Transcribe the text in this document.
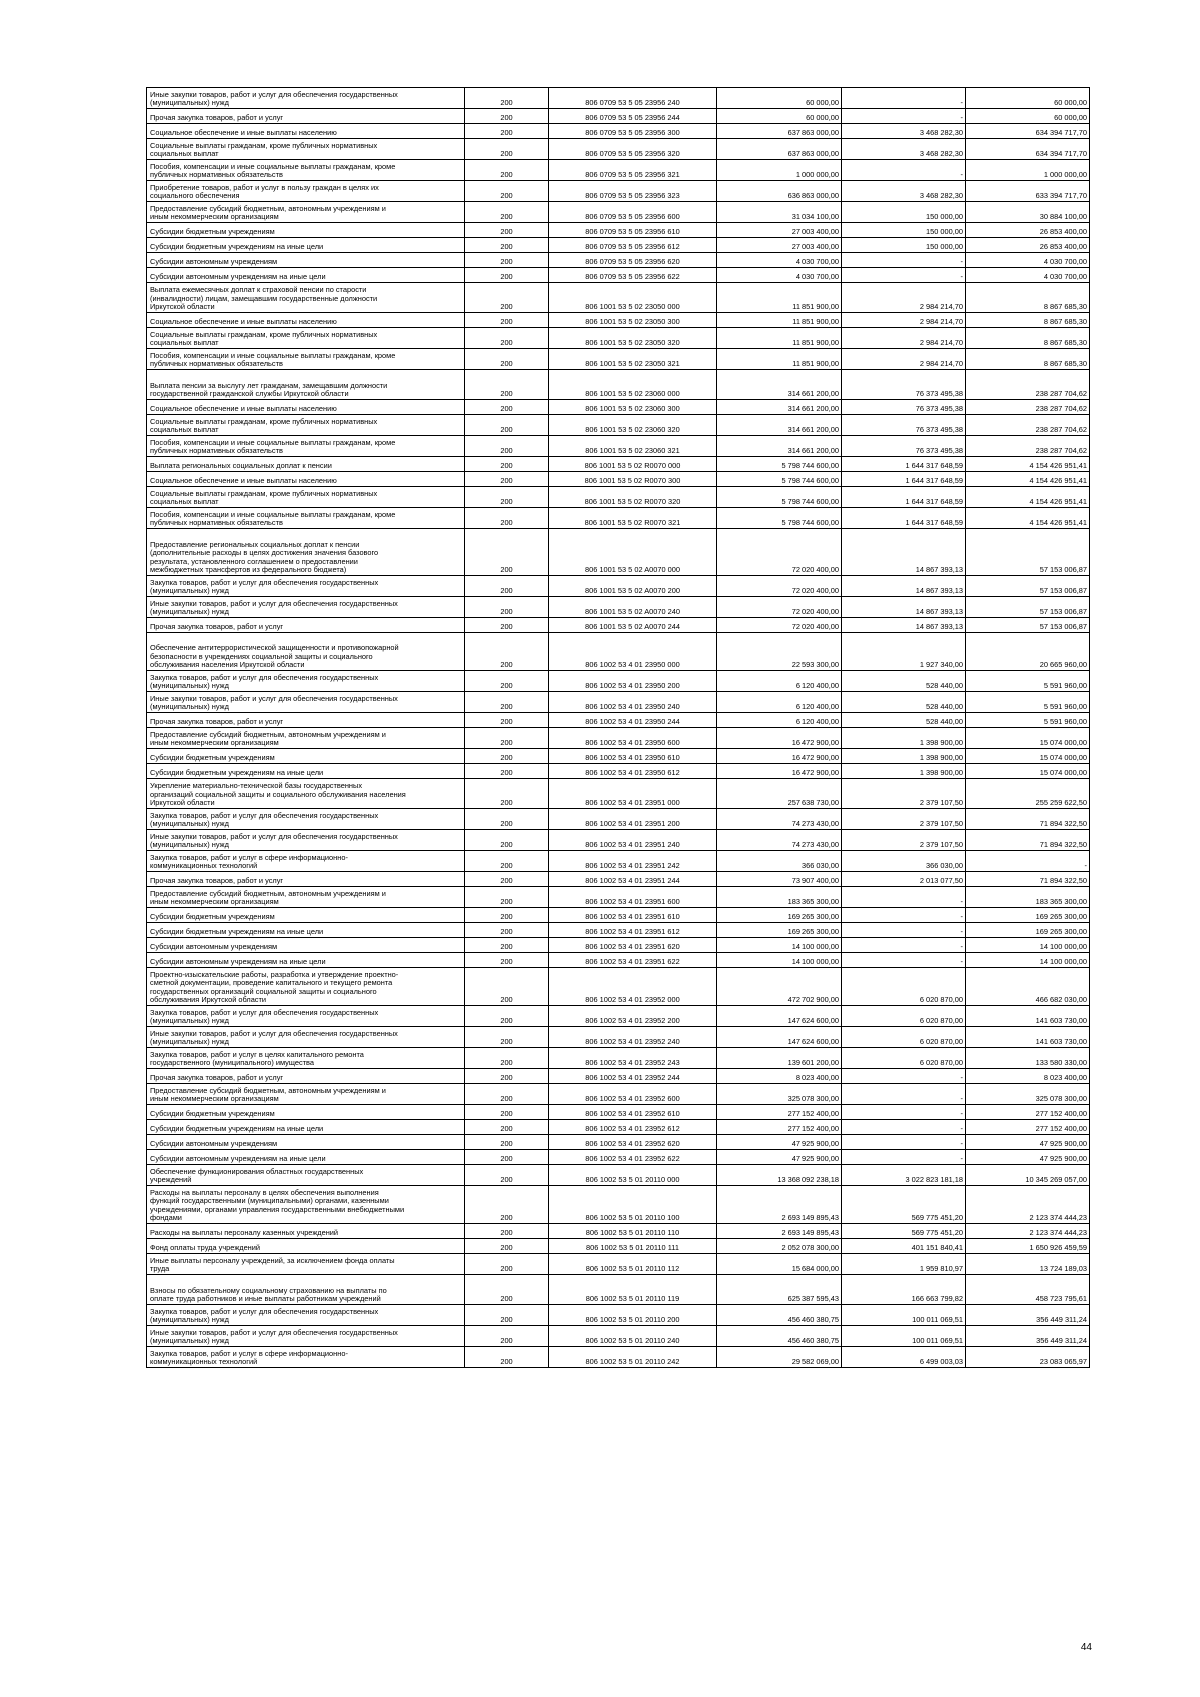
Иные закупки товаров, работ и услуг для обеспечения государственных
(муниципальных) нужд	200	806 0709 53 5 05 23956 240	60 000,00	-	60 000,00

Прочая закупка товаров, работ и услуг	200	806 0709 53 5 05 23956 244	60 000,00	-	60 000,00

Социальное обеспечение и иные выплаты населению	200	806 0709 53 5 05 23956 300	637 863 000,00	3 468 282,30	634 394 717,70

Социальные выплаты гражданам, кроме публичных нормативных
социальных выплат	200	806 0709 53 5 05 23956 320	637 863 000,00	3 468 282,30	634 394 717,70

Пособия, компенсации и иные социальные выплаты гражданам, кроме
публичных нормативных обязательств	200	806 0709 53 5 05 23956 321	1 000 000,00	-	1 000 000,00

Приобретение товаров, работ и услуг в пользу граждан в целях их
социального обеспечения	200	806 0709 53 5 05 23956 323	636 863 000,00	3 468 282,30	633 394 717,70

Предоставление субсидий бюджетным, автономным учреждениям и
иным некоммерческим организациям	200	806 0709 53 5 05 23956 600	31 034 100,00	150 000,00	30 884 100,00

Субсидии бюджетным учреждениям	200	806 0709 53 5 05 23956 610	27 003 400,00	150 000,00	26 853 400,00

Субсидии бюджетным учреждениям на иные цели	200	806 0709 53 5 05 23956 612	27 003 400,00	150 000,00	26 853 400,00

Субсидии автономным учреждениям	200	806 0709 53 5 05 23956 620	4 030 700,00	-	4 030 700,00

Субсидии автономным учреждениям на иные цели	200	806 0709 53 5 05 23956 622	4 030 700,00	-	4 030 700,00

Выплата ежемесячных доплат к страховой пенсии по старости
(инвалидности) лицам, замещавшим государственные должности
Иркутской области	200	806 1001 53 5 02 23050 000	11 851 900,00	2 984 214,70	8 867 685,30

Социальное обеспечение и иные выплаты населению	200	806 1001 53 5 02 23050 300	11 851 900,00	2 984 214,70	8 867 685,30

Социальные выплаты гражданам, кроме публичных нормативных
социальных выплат	200	806 1001 53 5 02 23050 320	11 851 900,00	2 984 214,70	8 867 685,30

Пособия, компенсации и иные социальные выплаты гражданам, кроме
публичных нормативных обязательств	200	806 1001 53 5 02 23050 321	11 851 900,00	2 984 214,70	8 867 685,30

Выплата пенсии за выслугу лет гражданам, замещавшим должности
государственной гражданской службы Иркутской области	200	806 1001 53 5 02 23060 000	314 661 200,00	76 373 495,38	238 287 704,62

Социальное обеспечение и иные выплаты населению	200	806 1001 53 5 02 23060 300	314 661 200,00	76 373 495,38	238 287 704,62

Социальные выплаты гражданам, кроме публичных нормативных
социальных выплат	200	806 1001 53 5 02 23060 320	314 661 200,00	76 373 495,38	238 287 704,62

Пособия, компенсации и иные социальные выплаты гражданам, кроме
публичных нормативных обязательств	200	806 1001 53 5 02 23060 321	314 661 200,00	76 373 495,38	238 287 704,62

Выплата региональных социальных доплат к пенсии	200	806 1001 53 5 02 R0070 000	5 798 744 600,00	1 644 317 648,59	4 154 426 951,41

Социальное обеспечение и иные выплаты населению	200	806 1001 53 5 02 R0070 300	5 798 744 600,00	1 644 317 648,59	4 154 426 951,41

Социальные выплаты гражданам, кроме публичных нормативных
социальных выплат	200	806 1001 53 5 02 R0070 320	5 798 744 600,00	1 644 317 648,59	4 154 426 951,41

Пособия, компенсации и иные социальные выплаты гражданам, кроме
публичных нормативных обязательств	200	806 1001 53 5 02 R0070 321	5 798 744 600,00	1 644 317 648,59	4 154 426 951,41

Предоставление региональных социальных доплат к пенсии
(дополнительные расходы в целях достижения значения базового
результата, установленного соглашением о предоставлении
межбюджетных трансфертов из федерального бюджета)	200	806 1001 53 5 02 A0070 000	72 020 400,00	14 867 393,13	57 153 006,87

Закупка товаров, работ и услуг для обеспечения государственных
(муниципальных) нужд	200	806 1001 53 5 02 A0070 200	72 020 400,00	14 867 393,13	57 153 006,87

Иные закупки товаров, работ и услуг для обеспечения государственных
(муниципальных) нужд	200	806 1001 53 5 02 A0070 240	72 020 400,00	14 867 393,13	57 153 006,87

Прочая закупка товаров, работ и услуг	200	806 1001 53 5 02 A0070 244	72 020 400,00	14 867 393,13	57 153 006,87

Обеспечение антитеррористической защищенности и противопожарной
безопасности в учреждениях социальной защиты и социального
обслуживания населения Иркутской области	200	806 1002 53 4 01 23950 000	22 593 300,00	1 927 340,00	20 665 960,00

Закупка товаров, работ и услуг для обеспечения государственных
(муниципальных) нужд	200	806 1002 53 4 01 23950 200	6 120 400,00	528 440,00	5 591 960,00

Иные закупки товаров, работ и услуг для обеспечения государственных
(муниципальных) нужд	200	806 1002 53 4 01 23950 240	6 120 400,00	528 440,00	5 591 960,00

Прочая закупка товаров, работ и услуг	200	806 1002 53 4 01 23950 244	6 120 400,00	528 440,00	5 591 960,00

Предоставление субсидий бюджетным, автономным учреждениям и
иным некоммерческим организациям	200	806 1002 53 4 01 23950 600	16 472 900,00	1 398 900,00	15 074 000,00

Субсидии бюджетным учреждениям	200	806 1002 53 4 01 23950 610	16 472 900,00	1 398 900,00	15 074 000,00

Субсидии бюджетным учреждениям на иные цели	200	806 1002 53 4 01 23950 612	16 472 900,00	1 398 900,00	15 074 000,00

Укрепление материально-технической базы государственных
организаций социальной защиты и социального обслуживания населения
Иркутской области	200	806 1002 53 4 01 23951 000	257 638 730,00	2 379 107,50	255 259 622,50

Закупка товаров, работ и услуг для обеспечения государственных
(муниципальных) нужд	200	806 1002 53 4 01 23951 200	74 273 430,00	2 379 107,50	71 894 322,50

Иные закупки товаров, работ и услуг для обеспечения государственных
(муниципальных) нужд	200	806 1002 53 4 01 23951 240	74 273 430,00	2 379 107,50	71 894 322,50

Закупка товаров, работ и услуг в сфере информационно-
коммуникационных технологий	200	806 1002 53 4 01 23951 242	366 030,00	366 030,00	-

Прочая закупка товаров, работ и услуг	200	806 1002 53 4 01 23951 244	73 907 400,00	2 013 077,50	71 894 322,50

Предоставление субсидий бюджетным, автономным учреждениям и
иным некоммерческим организациям	200	806 1002 53 4 01 23951 600	183 365 300,00	-	183 365 300,00

Субсидии бюджетным учреждениям	200	806 1002 53 4 01 23951 610	169 265 300,00	-	169 265 300,00

Субсидии бюджетным учреждениям на иные цели	200	806 1002 53 4 01 23951 612	169 265 300,00	-	169 265 300,00

Субсидии автономным учреждениям	200	806 1002 53 4 01 23951 620	14 100 000,00	-	14 100 000,00

Субсидии автономным учреждениям на иные цели	200	806 1002 53 4 01 23951 622	14 100 000,00	-	14 100 000,00

Проектно-изыскательские работы, разработка и утверждение проектно-
сметной документации, проведение капитального и текущего ремонта
государственных организаций социальной защиты и социального
обслуживания Иркутской области	200	806 1002 53 4 01 23952 000	472 702 900,00	6 020 870,00	466 682 030,00

Закупка товаров, работ и услуг для обеспечения государственных
(муниципальных) нужд	200	806 1002 53 4 01 23952 200	147 624 600,00	6 020 870,00	141 603 730,00

Иные закупки товаров, работ и услуг для обеспечения государственных
(муниципальных) нужд	200	806 1002 53 4 01 23952 240	147 624 600,00	6 020 870,00	141 603 730,00

Закупка товаров, работ и услуг в целях капитального ремонта
государственного (муниципального) имущества	200	806 1002 53 4 01 23952 243	139 601 200,00	6 020 870,00	133 580 330,00

Прочая закупка товаров, работ и услуг	200	806 1002 53 4 01 23952 244	8 023 400,00	-	8 023 400,00

Предоставление субсидий бюджетным, автономным учреждениям и
иным некоммерческим организациям	200	806 1002 53 4 01 23952 600	325 078 300,00	-	325 078 300,00

Субсидии бюджетным учреждениям	200	806 1002 53 4 01 23952 610	277 152 400,00	-	277 152 400,00

Субсидии бюджетным учреждениям на иные цели	200	806 1002 53 4 01 23952 612	277 152 400,00	-	277 152 400,00

Субсидии автономным учреждениям	200	806 1002 53 4 01 23952 620	47 925 900,00	-	47 925 900,00

Субсидии автономным учреждениям на иные цели	200	806 1002 53 4 01 23952 622	47 925 900,00	-	47 925 900,00

Обеспечение функционирования областных государственных
учреждений	200	806 1002 53 5 01 20110 000	13 368 092 238,18	3 022 823 181,18	10 345 269 057,00

Расходы на выплаты персоналу в целях обеспечения выполнения
функций государственными (муниципальными) органами, казенными
учреждениями, органами управления государственными внебюджетными
фондами	200	806 1002 53 5 01 20110 100	2 693 149 895,43	569 775 451,20	2 123 374 444,23

Расходы на выплаты персоналу казенных учреждений	200	806 1002 53 5 01 20110 110	2 693 149 895,43	569 775 451,20	2 123 374 444,23

Фонд оплаты труда учреждений	200	806 1002 53 5 01 20110 111	2 052 078 300,00	401 151 840,41	1 650 926 459,59

Иные выплаты персоналу учреждений, за исключением фонда оплаты
труда	200	806 1002 53 5 01 20110 112	15 684 000,00	1 959 810,97	13 724 189,03

Взносы по обязательному социальному страхованию на выплаты по
оплате труда работников и иные выплаты работникам учреждений	200	806 1002 53 5 01 20110 119	625 387 595,43	166 663 799,82	458 723 795,61

Закупка товаров, работ и услуг для обеспечения государственных
(муниципальных) нужд	200	806 1002 53 5 01 20110 200	456 460 380,75	100 011 069,51	356 449 311,24

Иные закупки товаров, работ и услуг для обеспечения государственных
(муниципальных) нужд	200	806 1002 53 5 01 20110 240	456 460 380,75	100 011 069,51	356 449 311,24

Закупка товаров, работ и услуг в сфере информационно-
коммуникационных технологий	200	806 1002 53 5 01 20110 242	29 582 069,00	6 499 003,03	23 083 065,97
44
